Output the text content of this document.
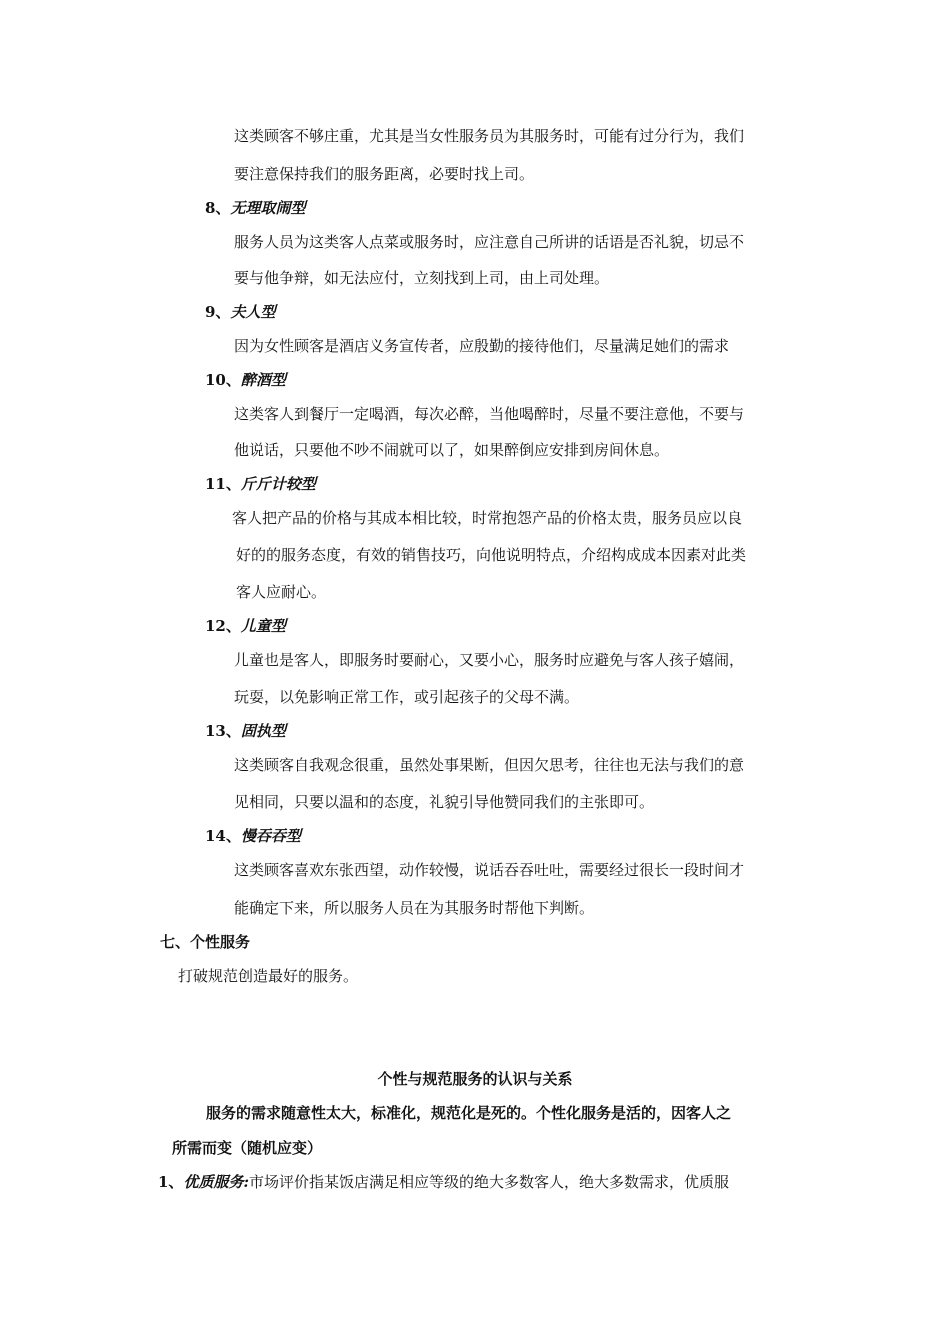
这类顾客不够庄重，尤其是当女性服务员为其服务时，可能有过分行为，我们
要注意保持我们的服务距离，必要时找上司。
8、无理取闹型
服务人员为这类客人点菜或服务时，应注意自己所讲的话语是否礼貌，切忌不
要与他争辩，如无法应付，立刻找到上司，由上司处理。
9、夫人型
因为女性顾客是酒店义务宣传者，应殷勤的接待他们，尽量满足她们的需求
10、醉酒型
这类客人到餐厅一定喝酒，每次必醉，当他喝醉时，尽量不要注意他，不要与
他说话，只要他不吵不闹就可以了，如果醉倒应安排到房间休息。
11、斤斤计较型
客人把产品的价格与其成本相比较，时常抱怨产品的价格太贵，服务员应以良
好的的服务态度，有效的销售技巧，向他说明特点，介绍构成成本因素对此类
客人应耐心。
12、儿童型
儿童也是客人，即服务时要耐心，又要小心，服务时应避免与客人孩子嬉闹，
玩耍，以免影响正常工作，或引起孩子的父母不满。
13、固执型
这类顾客自我观念很重，虽然处事果断，但因欠思考，往往也无法与我们的意
见相同，只要以温和的态度，礼貌引导他赞同我们的主张即可。
14、慢吞吞型
这类顾客喜欢东张西望，动作较慢，说话吞吞吐吐，需要经过很长一段时间才
能确定下来，所以服务人员在为其服务时帮他下判断。
七、个性服务
打破规范创造最好的服务。
个性与规范服务的认识与关系
服务的需求随意性太大，标准化，规范化是死的。个性化服务是活的，因客人之
所需而变（随机应变）
1、优质服务:市场评价指某饭店满足相应等级的绝大多数客人，绝大多数需求，优质服
